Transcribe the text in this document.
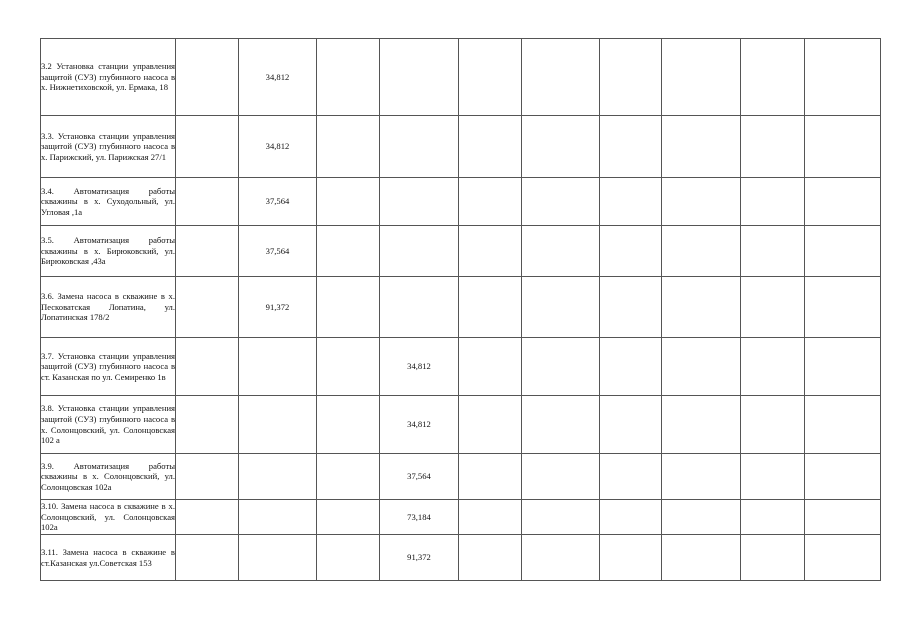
3.2 Установка станции управления защитой (СУЗ) глубинного насоса в х. Нижнетиховской, ул. Ермака, 18		34,812								
3.3. Установка станции управления защитой (СУЗ) глубинного насоса в х. Парижский, ул. Парижская 27/1		34,812								
3.4. Автоматизация работы скважины в х. Суходольный, ул. Угловая ,1а		37,564								
3.5. Автоматизация работы скважины в х. Бирюковский, ул. Бирюковская ,43а		37,564								
3.6. Замена насоса в скважине в х. Песковатская Лопатина, ул. Лопатинская 178/2		91,372								
3.7. Установка станции управления защитой (СУЗ) глубинного насоса в ст. Казанская по ул. Семиренко 1в				34,812						
3.8. Установка станции управления защитой (СУЗ) глубинного насоса в х. Солонцовский, ул. Солонцовская 102 а				34,812						
3.9. Автоматизация работы скважины в х. Солонцовский, ул. Солонцовская 102а				37,564						
3.10. Замена насоса в скважине в х. Солонцовский, ул. Солонцовская 102а				73,184						
3.11. Замена насоса в скважине в ст.Казанская ул.Советская 153				91,372						
